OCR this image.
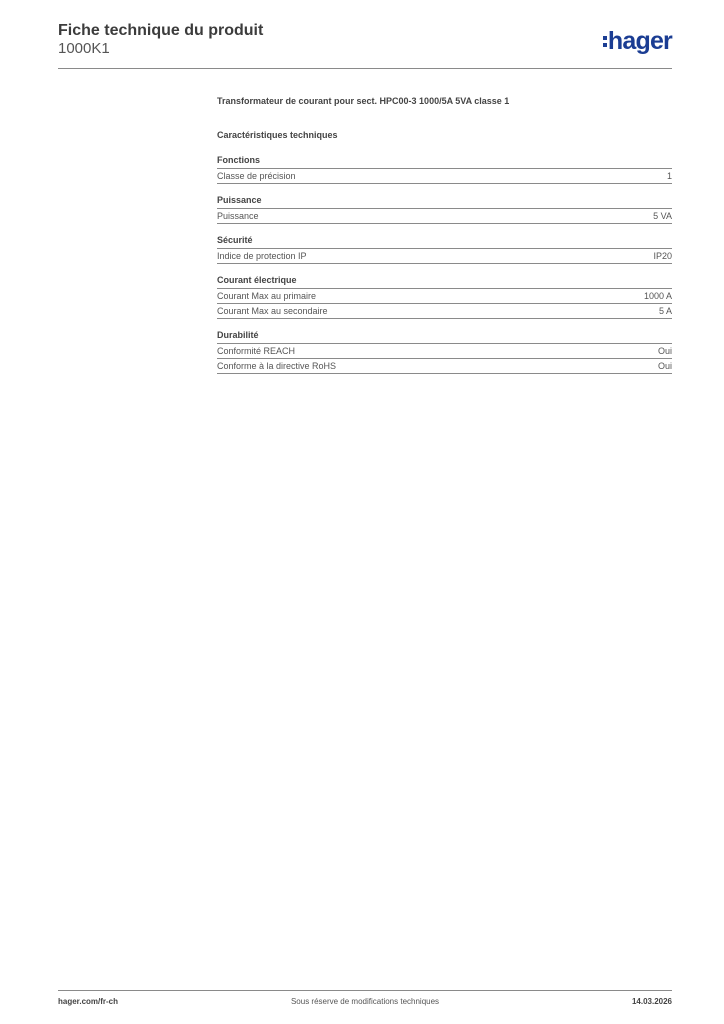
Fiche technique du produit
1000K1	hager
Transformateur de courant pour sect. HPC00-3 1000/5A 5VA classe 1
Caractéristiques techniques
Fonctions
Classe de précision	1
Puissance
Puissance	5 VA
Sécurité
Indice de protection IP	IP20
Courant électrique
Courant Max au primaire	1000 A
Courant Max au secondaire	5 A
Durabilité
Conformité REACH	Oui
Conforme à la directive RoHS	Oui
hager.com/fr-ch	Sous réserve de modifications techniques	14.03.2026
